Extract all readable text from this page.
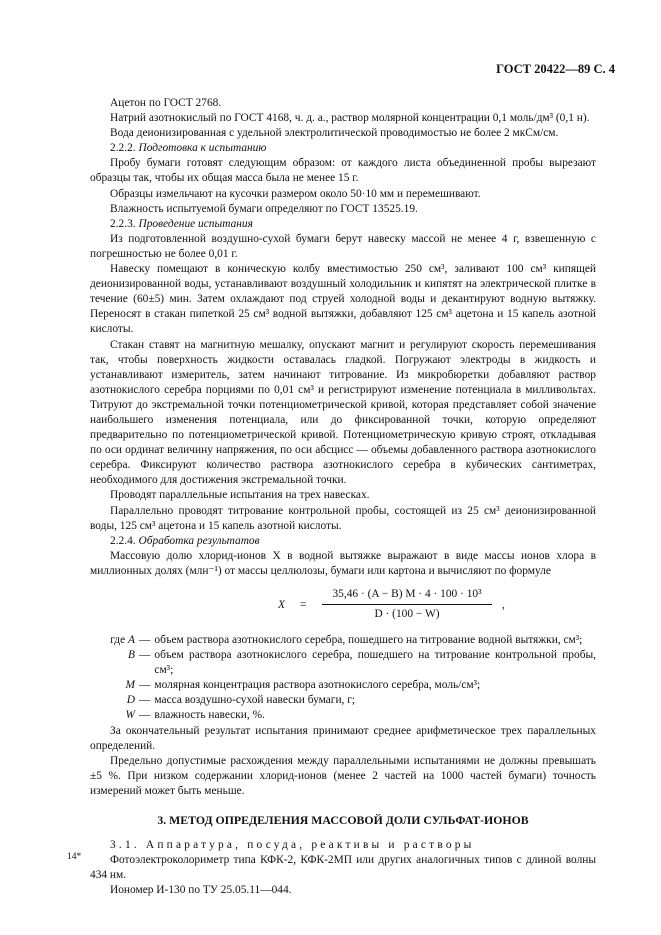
ГОСТ 20422—89 С. 4

Ацетон по ГОСТ 2768.

Натрий азотнокислый по ГОСТ 4168, ч. д. а., раствор молярной концентрации 0,1 моль/дм³ (0,1 н).

Вода деионизированная с удельной электролитической проводимостью не более 2 мкСм/см.

2.2.2. Подготовка к испытанию

Пробу бумаги готовят следующим образом: от каждого листа объединенной пробы вырезают образцы так, чтобы их общая масса была не менее 15 г.

Образцы измельчают на кусочки размером около 50·10 мм и перемешивают.

Влажность испытуемой бумаги определяют по ГОСТ 13525.19.

2.2.3. Проведение испытания

Из подготовленной воздушно-сухой бумаги берут навеску массой не менее 4 г, взвешенную с погрешностью не более 0,01 г.

Навеску помещают в коническую колбу вместимостью 250 см³, заливают 100 см³ кипящей деионизированной воды, устанавливают воздушный холодильник и кипятят на электрической плитке в течение (60±5) мин. Затем охлаждают под струей холодной воды и декантируют водную вытяжку. Переносят в стакан пипеткой 25 см³ водной вытяжки, добавляют 125 см³ ацетона и 15 капель азотной кислоты.

Стакан ставят на магнитную мешалку, опускают магнит и регулируют скорость перемешивания так, чтобы поверхность жидкости оставалась гладкой. Погружают электроды в жидкость и устанавливают измеритель, затем начинают титрование. Из микробюретки добавляют раствор азотнокислого серебра порциями по 0,01 см³ и регистрируют изменение потенциала в милливольтах. Титруют до экстремальной точки потенциометрической кривой, которая представляет собой значение наибольшего изменения потенциала, или до фиксированной точки, которую определяют предварительно по потенциометрической кривой. Потенциометрическую кривую строят, откладывая по оси ординат величину напряжения, по оси абсцисс — объемы добавленного раствора азотнокислого серебра. Фиксируют количество раствора азотнокислого серебра в кубических сантиметрах, необходимого для достижения экстремальной точки.

Проводят параллельные испытания на трех навесках.

Параллельно проводят титрование контрольной пробы, состоящей из 25 см³ деионизированной воды, 125 см³ ацетона и 15 капель азотной кислоты.

2.2.4. Обработка результатов

Массовую долю хлорид-ионов X в водной вытяжке выражают в виде массы ионов хлора в миллионных долях (млн⁻¹) от массы целлюлозы, бумаги или картона и вычисляют по формуле

$X = \frac{\text{35,46 · (A − B) M · 4 · 100 · 10³}}{D \cdot (100 - W)}$ ,
где A — объем раствора азотнокислого серебра, пошедшего на титрование водной вытяжки, см³;
B — объем раствора азотнокислого серебра, пошедшего на титрование контрольной пробы, см³;
M — молярная концентрация раствора азотнокислого серебра, моль/см³;
D — масса воздушно-сухой навески бумаги, г;
W — влажность навески, %.

За окончательный результат испытания принимают среднее арифметическое трех параллельных определений.

Предельно допустимые расхождения между параллельными испытаниями не должны превышать ±5 %. При низком содержании хлорид-ионов (менее 2 частей на 1000 частей бумаги) точность измерений может быть меньше.

3. МЕТОД ОПРЕДЕЛЕНИЯ МАССОВОЙ ДОЛИ СУЛЬФАТ-ИОНОВ

3.1. Аппаратура, посуда, реактивы и растворы

Фотоэлектроколориметр типа КФК-2, КФК-2МП или других аналогичных типов с длиной волны 434 нм.

Иономер И-130 по ТУ 25.05.11—044.

14*
